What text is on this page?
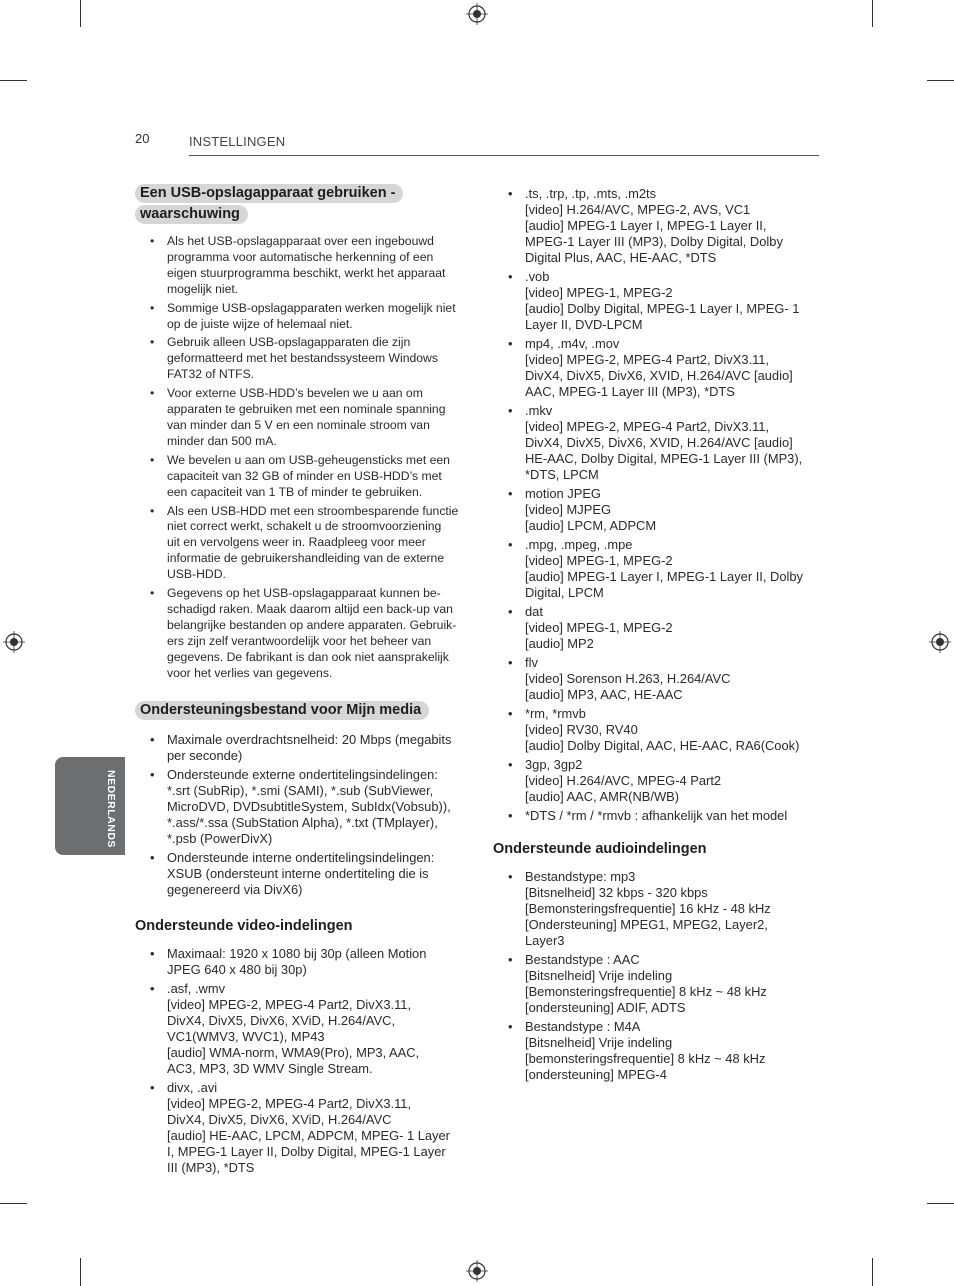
20	INSTELLINGEN
NEDERLANDS
Een USB-opslagapparaat gebruiken -
waarschuwing
• Als het USB-opslagapparaat over een ingebouwd
programma voor automatische herkenning of een
eigen stuurprogramma beschikt, werkt het apparaat
mogelijk niet.
• Sommige USB-opslagapparaten werken mogelijk niet
op de juiste wijze of helemaal niet.
• Gebruik alleen USB-opslagapparaten die zijn
geformatteerd met het bestandssysteem Windows
FAT32 of NTFS.
• Voor externe USB-HDD’s bevelen we u aan om
apparaten te gebruiken met een nominale spanning
van minder dan 5 V en een nominale stroom van
minder dan 500 mA.
• We bevelen u aan om USB-geheugensticks met een
capaciteit van 32 GB of minder en USB-HDD’s met
een capaciteit van 1 TB of minder te gebruiken.
• Als een USB-HDD met een stroombesparende functie
niet correct werkt, schakelt u de stroomvoorziening
uit en vervolgens weer in. Raadpleeg voor meer
informatie de gebruikershandleiding van de externe
USB-HDD.
• Gegevens op het USB-opslagapparaat kunnen be-
schadigd raken. Maak daarom altijd een back-up van
belangrijke bestanden op andere apparaten. Gebruik-
ers zijn zelf verantwoordelijk voor het beheer van
gegevens. De fabrikant is dan ook niet aansprakelijk
voor het verlies van gegevens.
Ondersteuningsbestand voor Mijn media
• Maximale overdrachtsnelheid: 20 Mbps (megabits
per seconde)
• Ondersteunde externe ondertitelingsindelingen:
*.srt (SubRip), *.smi (SAMI), *.sub (SubViewer,
MicroDVD, DVDsubtitleSystem, SubIdx(Vobsub)),
*.ass/*.ssa (SubStation Alpha), *.txt (TMplayer),
*.psb (PowerDivX)
• Ondersteunde interne ondertitelingsindelingen:
XSUB (ondersteunt interne ondertiteling die is
gegenereerd via DivX6)

Ondersteunde video-indelingen

• Maximaal: 1920 x 1080 bij 30p (alleen Motion
JPEG 640 x 480 bij 30p)
• .asf, .wmv
[video] MPEG-2, MPEG-4 Part2, DivX3.11,
DivX4, DivX5, DivX6, XViD, H.264/AVC,
VC1(WMV3, WVC1), MP43
[audio] WMA-norm, WMA9(Pro), MP3, AAC,
AC3, MP3, 3D WMV Single Stream.
• divx, .avi
[video] MPEG-2, MPEG-4 Part2, DivX3.11,
DivX4, DivX5, DivX6, XViD, H.264/AVC
[audio] HE-AAC, LPCM, ADPCM, MPEG- 1 Layer
I, MPEG-1 Layer II, Dolby Digital, MPEG-1 Layer
III (MP3), *DTS
• .ts, .trp, .tp, .mts, .m2ts
[video] H.264/AVC, MPEG-2, AVS, VC1
[audio] MPEG-1 Layer I, MPEG-1 Layer II,
MPEG-1 Layer III (MP3), Dolby Digital, Dolby
Digital Plus, AAC, HE-AAC, *DTS
• .vob
[video] MPEG-1, MPEG-2
[audio] Dolby Digital, MPEG-1 Layer I, MPEG- 1
Layer II, DVD-LPCM
• mp4, .m4v, .mov
[video] MPEG-2, MPEG-4 Part2, DivX3.11,
DivX4, DivX5, DivX6, XVID, H.264/AVC [audio]
AAC, MPEG-1 Layer III (MP3), *DTS
• .mkv
[video] MPEG-2, MPEG-4 Part2, DivX3.11,
DivX4, DivX5, DivX6, XVID, H.264/AVC [audio]
HE-AAC, Dolby Digital, MPEG-1 Layer III (MP3),
*DTS, LPCM
• motion JPEG
[video] MJPEG
[audio] LPCM, ADPCM
• .mpg, .mpeg, .mpe
[video] MPEG-1, MPEG-2
[audio] MPEG-1 Layer I, MPEG-1 Layer II, Dolby
Digital, LPCM
• dat
[video] MPEG-1, MPEG-2
[audio] MP2
• flv
[video] Sorenson H.263, H.264/AVC
[audio] MP3, AAC, HE-AAC
• *rm, *rmvb
[video] RV30, RV40
[audio] Dolby Digital, AAC, HE-AAC, RA6(Cook)
• 3gp, 3gp2
[video] H.264/AVC, MPEG-4 Part2
[audio] AAC, AMR(NB/WB)
• *DTS / *rm / *rmvb : afhankelijk van het model

Ondersteunde audioindelingen

• Bestandstype: mp3
[Bitsnelheid] 32 kbps - 320 kbps
[Bemonsteringsfrequentie] 16 kHz - 48 kHz
[Ondersteuning] MPEG1, MPEG2, Layer2,
Layer3
• Bestandstype : AAC
[Bitsnelheid] Vrije indeling
[Bemonsteringsfrequentie] 8 kHz ~ 48 kHz
[ondersteuning] ADIF, ADTS
• Bestandstype : M4A
[Bitsnelheid] Vrije indeling
[bemonsteringsfrequentie] 8 kHz ~ 48 kHz
[ondersteuning] MPEG-4
